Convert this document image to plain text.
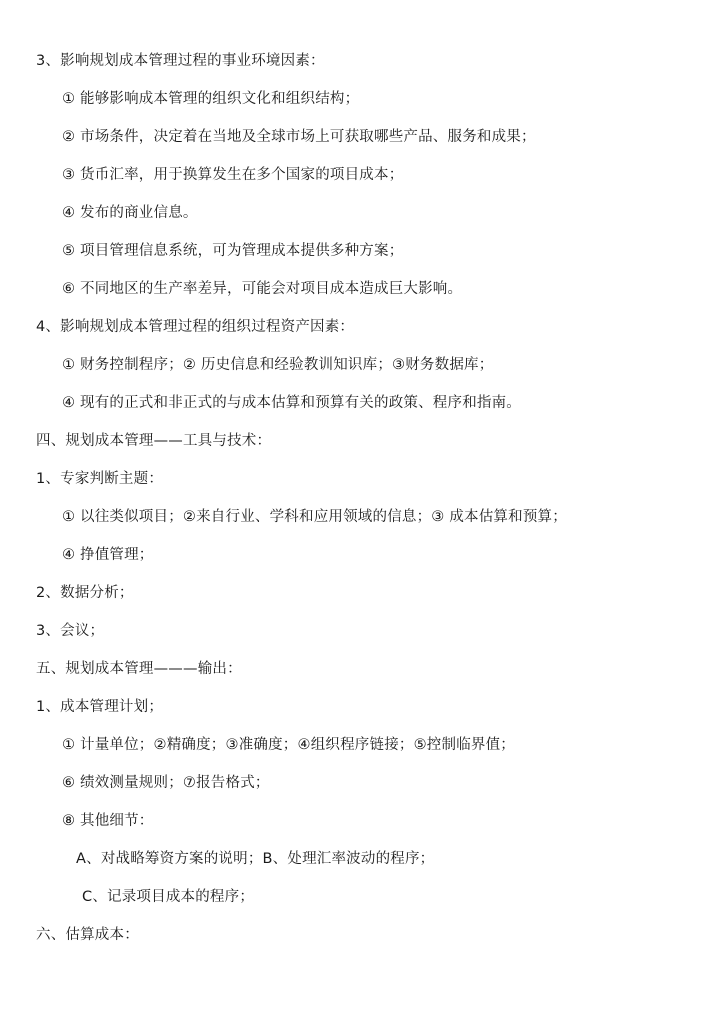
3、影响规划成本管理过程的事业环境因素：
① 能够影响成本管理的组织文化和组织结构；
② 市场条件，决定着在当地及全球市场上可获取哪些产品、服务和成果；
③ 货币汇率，用于换算发生在多个国家的项目成本；
④ 发布的商业信息。
⑤ 项目管理信息系统，可为管理成本提供多种方案；
⑥ 不同地区的生产率差异，可能会对项目成本造成巨大影响。
4、影响规划成本管理过程的组织过程资产因素：
① 财务控制程序；② 历史信息和经验教训知识库；③财务数据库；
④ 现有的正式和非正式的与成本估算和预算有关的政策、程序和指南。
四、规划成本管理——工具与技术：
1、专家判断主题：
① 以往类似项目；②来自行业、学科和应用领域的信息；③ 成本估算和预算；
④ 挣值管理；
2、数据分析；
3、会议；
五、规划成本管理———输出：
1、成本管理计划；
① 计量单位；②精确度；③准确度；④组织程序链接；⑤控制临界值；
⑥ 绩效测量规则；⑦报告格式；
⑧ 其他细节：
A、对战略筹资方案的说明；B、处理汇率波动的程序；
C、记录项目成本的程序；
六、估算成本：
